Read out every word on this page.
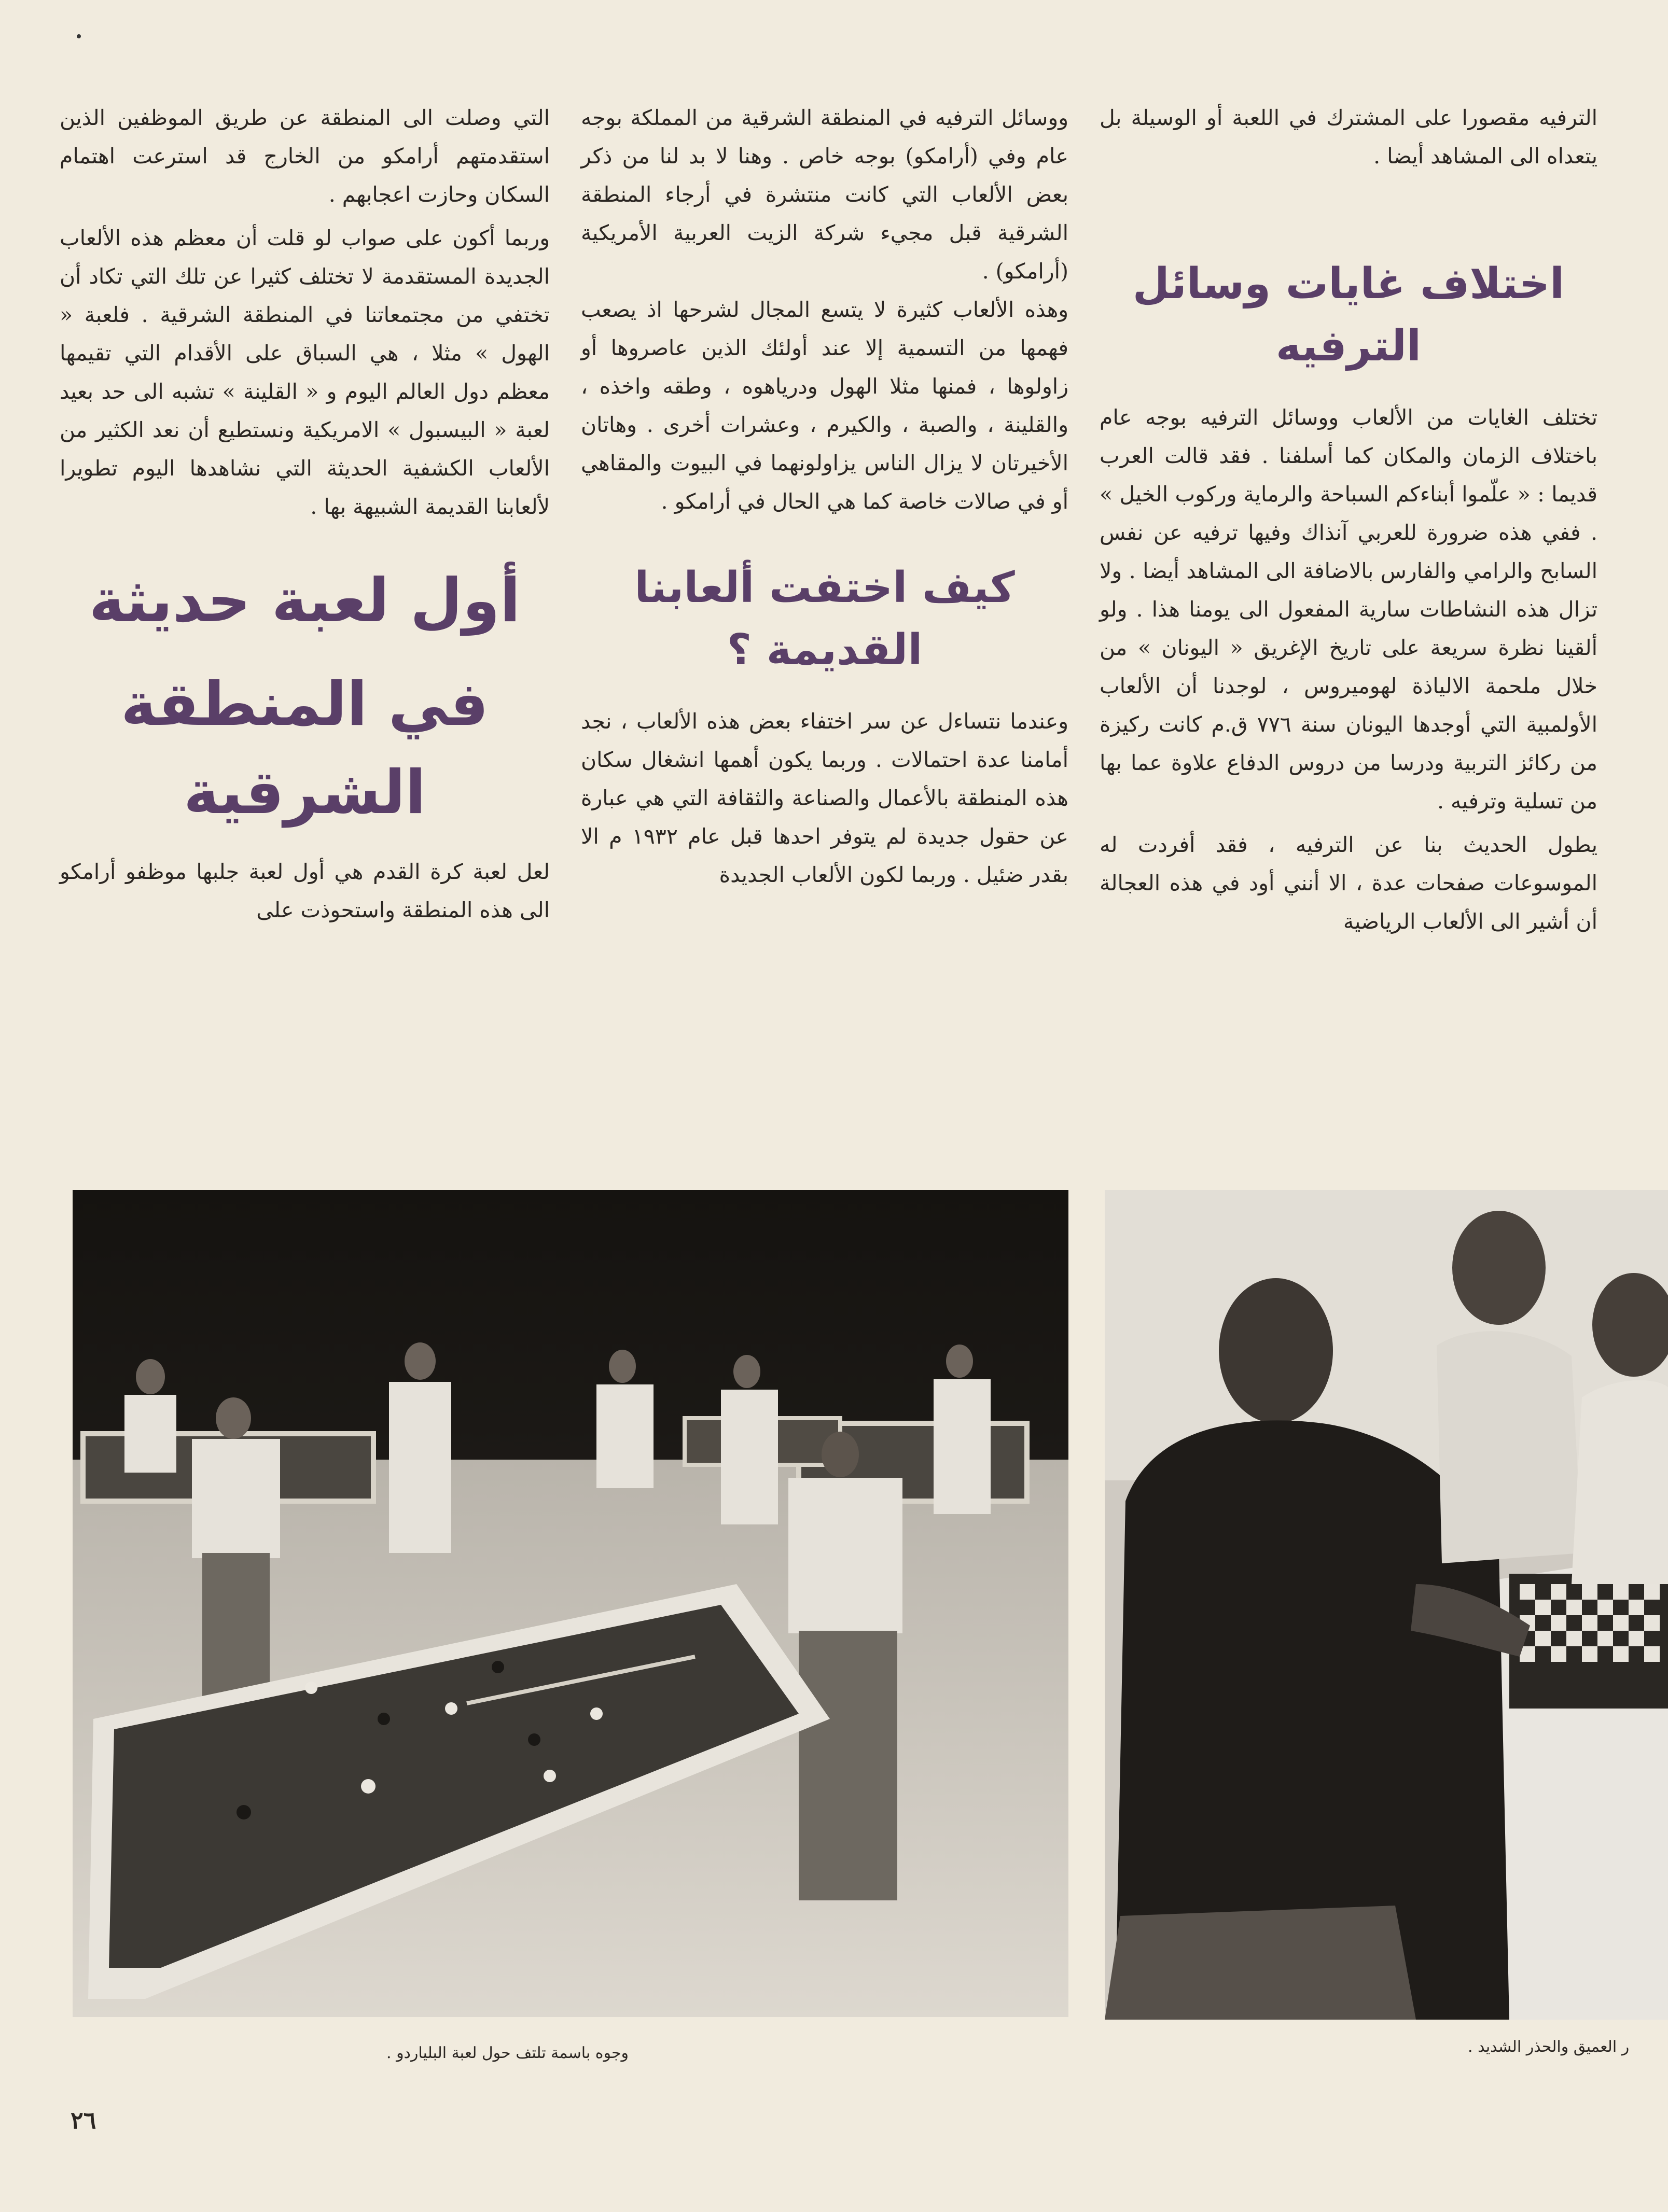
الترفيه مقصورا على المشترك في اللعبة أو الوسيلة بل يتعداه الى المشاهد أيضا .

اختلاف غايات وسائل الترفيه

تختلف الغايات من الألعاب ووسائل الترفيه بوجه عام باختلاف الزمان والمكان كما أسلفنا . فقد قالت العرب قديما : « علّموا أبناءكم السباحة والرماية وركوب الخيل » . ففي هذه ضرورة للعربي آنذاك وفيها ترفيه عن نفس السابح والرامي والفارس بالاضافة الى المشاهد أيضا . ولا تزال هذه النشاطات سارية المفعول الى يومنا هذا . ولو ألقينا نظرة سريعة على تاريخ الإغريق « اليونان » من خلال ملحمة الالياذة لهوميروس ، لوجدنا أن الألعاب الأولمبية التي أوجدها اليونان سنة ٧٧٦ ق.م كانت ركيزة من ركائز التربية ودرسا من دروس الدفاع علاوة عما بها من تسلية وترفيه .

يطول الحديث بنا عن الترفيه ، فقد أفردت له الموسوعات صفحات عدة ، الا أنني أود في هذه العجالة أن أشير الى الألعاب الرياضية

ووسائل الترفيه في المنطقة الشرقية من المملكة بوجه عام وفي (أرامكو) بوجه خاص . وهنا لا بد لنا من ذكر بعض الألعاب التي كانت منتشرة في أرجاء المنطقة الشرقية قبل مجيء شركة الزيت العربية الأمريكية (أرامكو) .

وهذه الألعاب كثيرة لا يتسع المجال لشرحها اذ يصعب فهمها من التسمية إلا عند أولئك الذين عاصروها أو زاولوها ، فمنها مثلا الهول ودرياهوه ، وطقه واخذه ، والقلينة ، والصبة ، والكيرم ، وعشرات أخرى . وهاتان الأخيرتان لا يزال الناس يزاولونهما في البيوت والمقاهي أو في صالات خاصة كما هي الحال في أرامكو .

كيف اختفت ألعابنا القديمة ؟

وعندما نتساءل عن سر اختفاء بعض هذه الألعاب ، نجد أمامنا عدة احتمالات . وربما يكون أهمها انشغال سكان هذه المنطقة بالأعمال والصناعة والثقافة التي هي عبارة عن حقول جديدة لم يتوفر احدها قبل عام ١٩٣٢ م الا بقدر ضئيل . وربما لكون الألعاب الجديدة

التي وصلت الى المنطقة عن طريق الموظفين الذين استقدمتهم أرامكو من الخارج قد استرعت اهتمام السكان وحازت اعجابهم .

وربما أكون على صواب لو قلت أن معظم هذه الألعاب الجديدة المستقدمة لا تختلف كثيرا عن تلك التي تكاد أن تختفي من مجتمعاتنا في المنطقة الشرقية . فلعبة « الهول » مثلا ، هي السباق على الأقدام التي تقيمها معظم دول العالم اليوم و « القلينة » تشبه الى حد بعيد لعبة « البيسبول » الامريكية ونستطيع أن نعد الكثير من الألعاب الكشفية الحديثة التي نشاهدها اليوم تطويرا لألعابنا القديمة الشبيهة بها .

أول لعبة حديثة
في المنطقة الشرقية

لعل لعبة كرة القدم هي أول لعبة جلبها موظفو أرامكو الى هذه المنطقة واستحوذت على

وجوه باسمة تلتف حول لعبة البلياردو .	ر العميق والحذر الشديد .
٢٦
